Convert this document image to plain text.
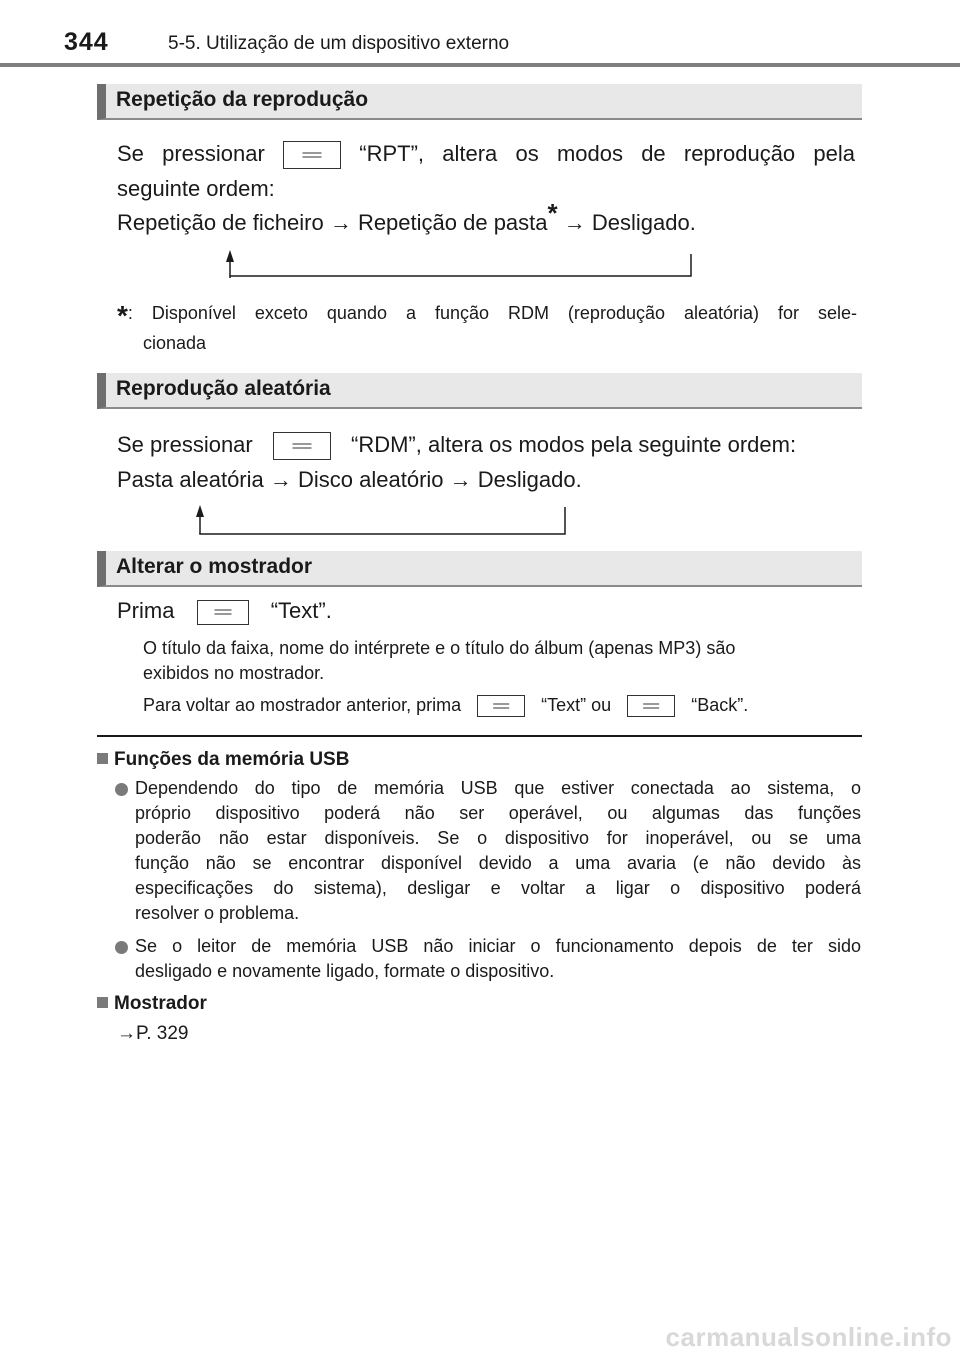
344	5-5. Utilização de um dispositivo externo
Repetição da reprodução
Se pressionar	“RPT”, altera os modos de reprodução pela
seguinte ordem:
Repetição de ficheiro → Repetição de pasta* → Desligado.
*: Disponível exceto quando a função RDM (reprodução aleatória) for sele-
cionada
Reprodução aleatória
Se pressionar	“RDM”, altera os modos pela seguinte ordem:
Pasta aleatória → Disco aleatório → Desligado.
Alterar o mostrador
Prima	“Text”.
O título da faixa, nome do intérprete e o título do álbum (apenas MP3) são
exibidos no mostrador.
Para voltar ao mostrador anterior, prima	“Text” ou	“Back”.
Funções da memória USB
Dependendo do tipo de memória USB que estiver conectada ao sistema, o
próprio dispositivo poderá não ser operável, ou algumas das funções
poderão não estar disponíveis. Se o dispositivo for inoperável, ou se uma
função não se encontrar disponível devido a uma avaria (e não devido às
especificações do sistema), desligar e voltar a ligar o dispositivo poderá
resolver o problema.
Se o leitor de memória USB não iniciar o funcionamento depois de ter sido
desligado e novamente ligado, formate o dispositivo.
Mostrador
→P. 329
carmanualsonline.info
